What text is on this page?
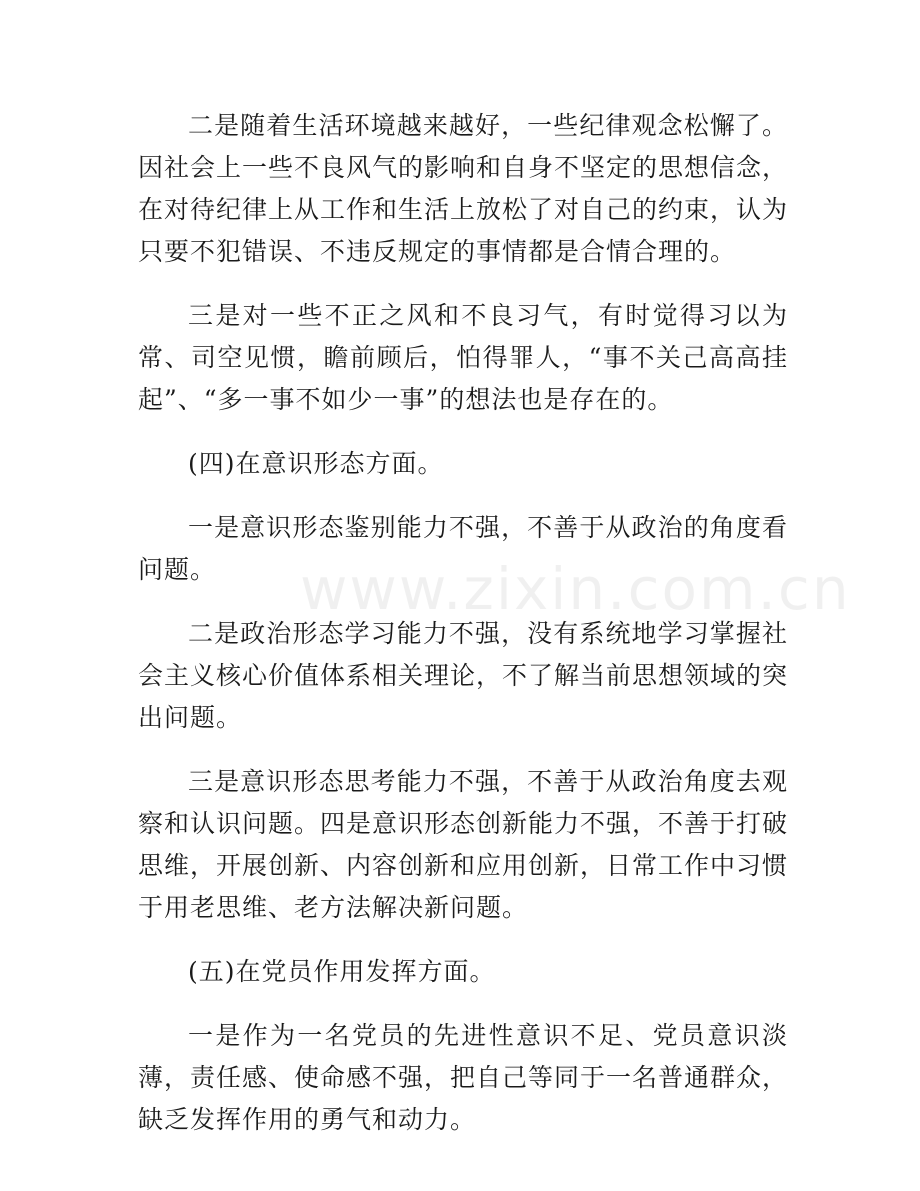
二是随着生活环境越来越好，一些纪律观念松懈了。因社会上一些不良风气的影响和自身不坚定的思想信念，在对待纪律上从工作和生活上放松了对自己的约束，认为只要不犯错误、不违反规定的事情都是合情合理的。

三是对一些不正之风和不良习气，有时觉得习以为常、司空见惯，瞻前顾后，怕得罪人，“事不关己高高挂起”、“多一事不如少一事”的想法也是存在的。

(四)在意识形态方面。

一是意识形态鉴别能力不强，不善于从政治的角度看问题。

二是政治形态学习能力不强，没有系统地学习掌握社会主义核心价值体系相关理论，不了解当前思想领域的突出问题。

三是意识形态思考能力不强，不善于从政治角度去观察和认识问题。四是意识形态创新能力不强，不善于打破思维，开展创新、内容创新和应用创新，日常工作中习惯于用老思维、老方法解决新问题。

(五)在党员作用发挥方面。

一是作为一名党员的先进性意识不足、党员意识淡薄，责任感、使命感不强，把自己等同于一名普通群众，缺乏发挥作用的勇气和动力。

www.zixin.com.cn
